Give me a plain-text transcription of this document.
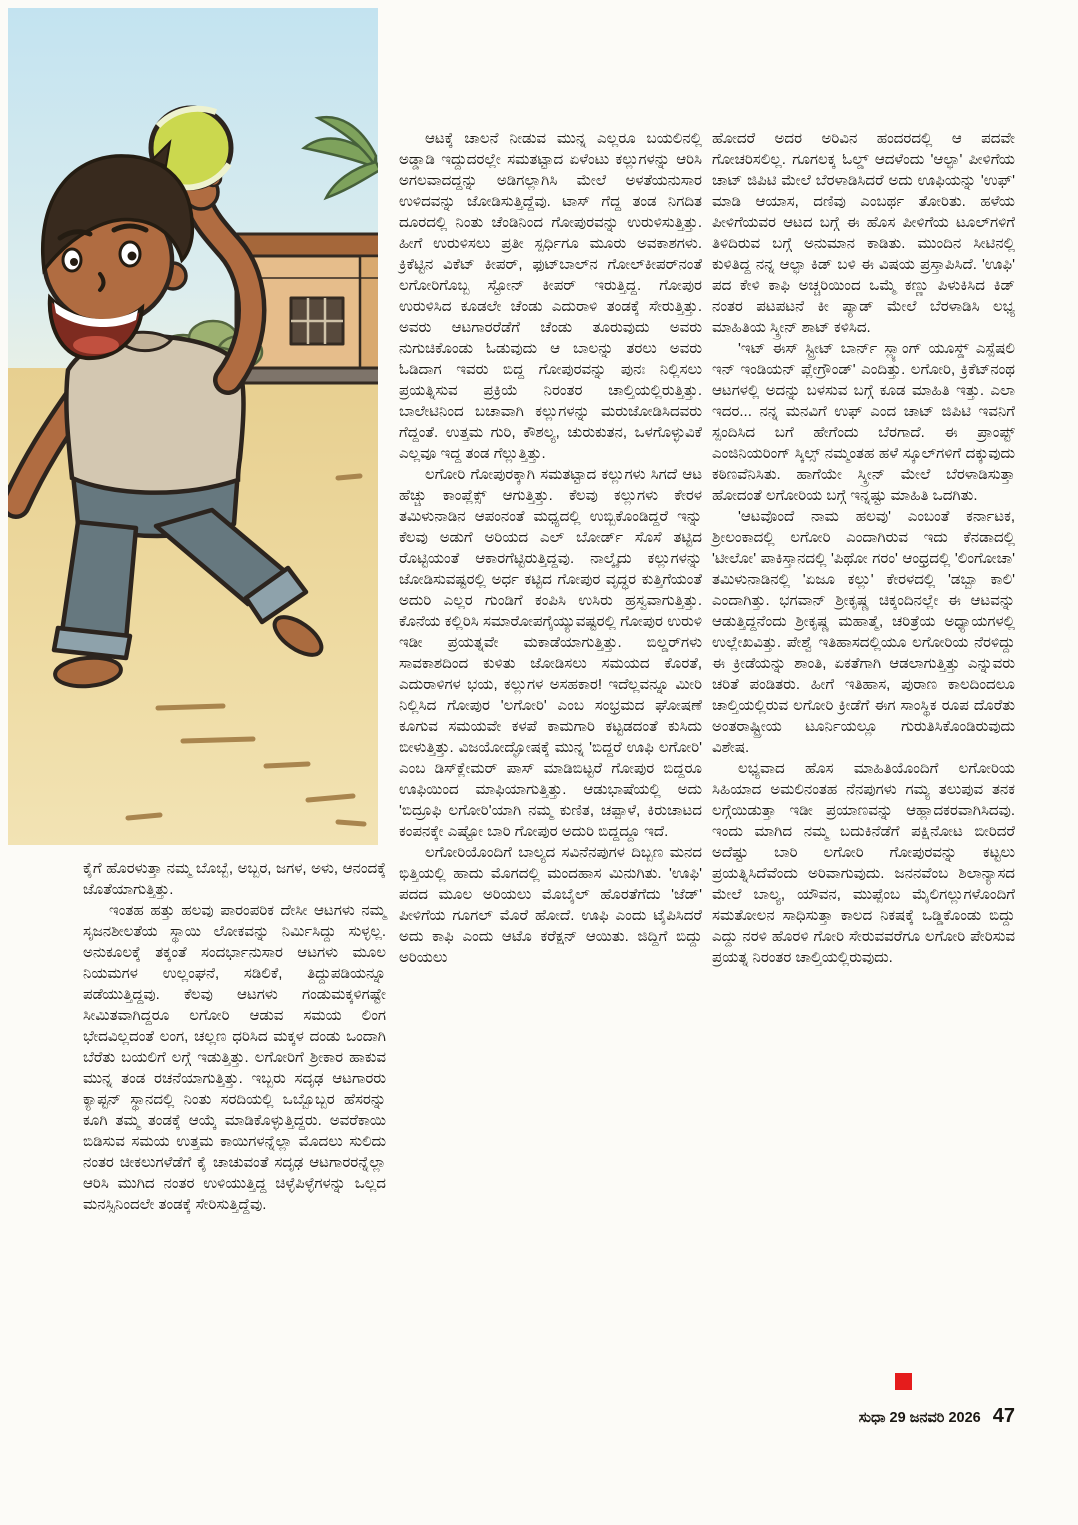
ಕೈಗೆ ಹೊರಳುತ್ತಾ ನಮ್ಮ ಬೊಬ್ಬೆ, ಅಬ್ಬರ, ಜಗಳ, ಅಳು, ಆನಂದಕ್ಕೆ ಜೊತೆಯಾಗುತ್ತಿತ್ತು.

ಇಂತಹ ಹತ್ತು ಹಲವು ಪಾರಂಪರಿಕ ದೇಸೀ ಆಟಗಳು ನಮ್ಮ ಸೃಜನಶೀಲತೆಯ ಸ್ಥಾಯಿ ಲೋಕವನ್ನು ನಿರ್ಮಿಸಿದ್ದು ಸುಳ್ಳಲ್ಲ. ಅನುಕೂಲಕ್ಕೆ ತಕ್ಕಂತೆ ಸಂದರ್ಭಾನುಸಾರ ಆಟಗಳು ಮೂಲ ನಿಯಮಗಳ ಉಲ್ಲಂಘನೆ, ಸಡಿಲಿಕೆ, ತಿದ್ದುಪಡಿಯನ್ನೂ ಪಡೆಯುತ್ತಿದ್ದವು. ಕೆಲವು ಆಟಗಳು ಗಂಡುಮಕ್ಕಳಿಗಷ್ಟೇ ಸೀಮಿತವಾಗಿದ್ದರೂ ಲಗೋರಿ ಆಡುವ ಸಮಯ ಲಿಂಗ ಭೇದವಿಲ್ಲದಂತೆ ಲಂಗ, ಚಲ್ಲಣ ಧರಿಸಿದ ಮಕ್ಕಳ ದಂಡು ಒಂದಾಗಿ ಬೆರೆತು ಬಯಲಿಗೆ ಲಗ್ಗೆ ಇಡುತ್ತಿತ್ತು. ಲಗೋರಿಗೆ ಶ್ರೀಕಾರ ಹಾಕುವ ಮುನ್ನ ತಂಡ ರಚನೆಯಾಗುತ್ತಿತ್ತು. ಇಬ್ಬರು ಸದೃಢ ಆಟಗಾರರು ಕ್ಯಾಪ್ಟನ್ ಸ್ಥಾನದಲ್ಲಿ ನಿಂತು ಸರದಿಯಲ್ಲಿ ಒಬ್ಬೊಬ್ಬರ ಹೆಸರನ್ನು ಕೂಗಿ ತಮ್ಮ ತಂಡಕ್ಕೆ ಆಯ್ಕೆ ಮಾಡಿಕೊಳ್ಳುತ್ತಿದ್ದರು. ಅವರೆಕಾಯಿ ಬಿಡಿಸುವ ಸಮಯ ಉತ್ತಮ ಕಾಯಿಗಳನ್ನೆಲ್ಲಾ ಮೊದಲು ಸುಲಿದು ನಂತರ ಚೀಕಲುಗಳೆಡೆಗೆ ಕೈ ಚಾಚುವಂತೆ ಸದೃಢ ಆಟಗಾರರನ್ನೆಲ್ಲಾ ಆರಿಸಿ ಮುಗಿದ ನಂತರ ಉಳಿಯುತ್ತಿದ್ದ ಚಿಳ್ಳೆಪಿಳ್ಳೆಗಳನ್ನು ಒಲ್ಲದ ಮನಸ್ಸಿನಿಂದಲೇ ತಂಡಕ್ಕೆ ಸೇರಿಸುತ್ತಿದ್ದೆವು.

ಆಟಕ್ಕೆ ಚಾಲನೆ ನೀಡುವ ಮುನ್ನ ಎಲ್ಲರೂ ಬಯಲಿನಲ್ಲಿ ಅಡ್ಡಾಡಿ ಇದ್ದುದರಲ್ಲೇ ಸಮತಟ್ಟಾದ ಏಳೆಂಟು ಕಲ್ಲುಗಳನ್ನು ಆರಿಸಿ ಅಗಲವಾದದ್ದನ್ನು ಅಡಿಗಲ್ಲಾಗಿಸಿ ಮೇಲೆ ಅಳತೆಯನುಸಾರ ಉಳಿದವನ್ನು ಜೋಡಿಸುತ್ತಿದ್ದೆವು. ಟಾಸ್ ಗೆದ್ದ ತಂಡ ನಿಗದಿತ ದೂರದಲ್ಲಿ ನಿಂತು ಚೆಂಡಿನಿಂದ ಗೋಪುರವನ್ನು ಉರುಳಿಸುತ್ತಿತ್ತು. ಹೀಗೆ ಉರುಳಿಸಲು ಪ್ರತೀ ಸ್ಪರ್ಧಿಗೂ ಮೂರು ಅವಕಾಶಗಳು. ಕ್ರಿಕೆಟ್ಟಿನ ವಿಕೆಟ್ ಕೀಪರ್, ಫುಟ್‌ಬಾಲ್‌ನ ಗೋಲ್‌ಕೀಪರ್‌ನಂತೆ ಲಗೋರಿಗೊಬ್ಬ ಸ್ಟೋನ್ ಕೀಪರ್ ಇರುತ್ತಿದ್ದ. ಗೋಪುರ ಉರುಳಿಸಿದ ಕೂಡಲೇ ಚೆಂಡು ಎದುರಾಳಿ ತಂಡಕ್ಕೆ ಸೇರುತ್ತಿತ್ತು. ಅವರು ಆಟಗಾರರೆಡೆಗೆ ಚೆಂಡು ತೂರುವುದು ಅವರು ನುಗುಚಿಕೊಂಡು ಓಡುವುದು ಆ ಬಾಲನ್ನು ತರಲು ಅವರು ಓಡಿದಾಗ ಇವರು ಬಿದ್ದ ಗೋಪುರವನ್ನು ಪುನಃ ನಿಲ್ಲಿಸಲು ಪ್ರಯತ್ನಿಸುವ ಪ್ರಕ್ರಿಯೆ ನಿರಂತರ ಚಾಲ್ತಿಯಲ್ಲಿರುತ್ತಿತ್ತು. ಬಾಲೇಟಿನಿಂದ ಬಚಾವಾಗಿ ಕಲ್ಲುಗಳನ್ನು ಮರುಜೋಡಿಸಿದವರು ಗೆದ್ದಂತೆ. ಉತ್ತಮ ಗುರಿ, ಕೌಶಲ್ಯ, ಚುರುಕುತನ, ಒಳಗೊಳ್ಳುವಿಕೆ ಎಲ್ಲವೂ ಇದ್ದ ತಂಡ ಗೆಲ್ಲುತ್ತಿತ್ತು.

ಲಗೋರಿ ಗೋಪುರಕ್ಕಾಗಿ ಸಮತಟ್ಟಾದ ಕಲ್ಲುಗಳು ಸಿಗದೆ ಆಟ ಹೆಚ್ಚು ಕಾಂಪ್ಲೆಕ್ಸ್ ಆಗುತ್ತಿತ್ತು. ಕೆಲವು ಕಲ್ಲುಗಳು ಕೇರಳ ತಮಿಳುನಾಡಿನ ಆಪಂನಂತೆ ಮಧ್ಯದಲ್ಲಿ ಉಬ್ಬಿಕೊಂಡಿದ್ದರೆ ಇನ್ನು ಕೆಲವು ಅಡುಗೆ ಅರಿಯದ ಎಲ್ ಬೋರ್ಡ್ ಸೊಸೆ ತಟ್ಟಿದ ರೊಟ್ಟಿಯಂತೆ ಆಕಾರಗೆಟ್ಟಿರುತ್ತಿದ್ದವು. ನಾಲ್ಕೈದು ಕಲ್ಲುಗಳನ್ನು ಜೋಡಿಸುವಷ್ಟರಲ್ಲಿ ಅರ್ಧ ಕಟ್ಟಿದ ಗೋಪುರ ವೃದ್ಧರ ಕುತ್ತಿಗೆಯಂತೆ ಅದುರಿ ಎಲ್ಲರ ಗುಂಡಿಗೆ ಕಂಪಿಸಿ ಉಸಿರು ಹ್ರಸ್ವವಾಗುತ್ತಿತ್ತು. ಕೊನೆಯ ಕಲ್ಲಿರಿಸಿ ಸಮಾರೋಪಗೈಯ್ಯುವಷ್ಟರಲ್ಲಿ ಗೋಪುರ ಉರುಳಿ ಇಡೀ ಪ್ರಯತ್ನವೇ ಮಕಾಡೆಯಾಗುತ್ತಿತ್ತು. ಬಿಲ್ಡರ್‌ಗಳು ಸಾವಕಾಶದಿಂದ ಕುಳಿತು ಜೋಡಿಸಲು ಸಮಯದ ಕೊರತೆ, ಎದುರಾಳಿಗಳ ಭಯ, ಕಲ್ಲುಗಳ ಅಸಹಕಾರ! ಇದೆಲ್ಲವನ್ನೂ ಮೀರಿ ನಿಲ್ಲಿಸಿದ ಗೋಪುರ 'ಲಗೋರಿ' ಎಂಬ ಸಂಭ್ರಮದ ಘೋಷಣೆ ಕೂಗುವ ಸಮಯವೇ ಕಳಪೆ ಕಾಮಗಾರಿ ಕಟ್ಟಡದಂತೆ ಕುಸಿದು ಬೀಳುತ್ತಿತ್ತು. ವಿಜಯೋದ್ಘೋಷಕ್ಕೆ ಮುನ್ನ 'ಬಿದ್ದರೆ ಊಫಿ ಲಗೋರಿ' ಎಂಬ ಡಿಸ್‌ಕ್ಲೇಮರ್ ಪಾಸ್ ಮಾಡಿಬಿಟ್ಟರೆ ಗೋಪುರ ಬಿದ್ದರೂ ಊಫಿಯಿಂದ ಮಾಫಿಯಾಗುತ್ತಿತ್ತು. ಆಡುಭಾಷೆಯಲ್ಲಿ ಅದು 'ಬಿದ್ರೂಫಿ ಲಗೋರಿ'ಯಾಗಿ ನಮ್ಮ ಕುಣಿತ, ಚಪ್ಪಾಳೆ, ಕಿರುಚಾಟದ ಕಂಪನಕ್ಕೇ ಎಷ್ಟೋ ಬಾರಿ ಗೋಪುರ ಅದುರಿ ಬಿದ್ದದ್ದೂ ಇದೆ.

ಲಗೋರಿಯೊಂದಿಗೆ ಬಾಲ್ಯದ ಸವಿನೆನಪುಗಳ ದಿಬ್ಬಣ ಮನದ ಭಿತ್ತಿಯಲ್ಲಿ ಹಾದು ಮೊಗದಲ್ಲಿ ಮಂದಹಾಸ ಮಿನುಗಿತು. 'ಊಫಿ' ಪದದ ಮೂಲ ಅರಿಯಲು ಮೊಬೈಲ್ ಹೊರತೆಗೆದು 'ಜೆಡ್' ಪೀಳಿಗೆಯ ಗೂಗಲ್ ಮೊರೆ ಹೋದೆ. ಊಫಿ ಎಂದು ಟೈಪಿಸಿದರೆ ಅದು ಕಾಫಿ ಎಂದು ಆಟೊ ಕರೆಕ್ಷನ್ ಆಯಿತು. ಜಿದ್ದಿಗೆ ಬಿದ್ದು ಅರಿಯಲು

ಹೋದರೆ ಅದರ ಅರಿವಿನ ಹಂದರದಲ್ಲಿ ಆ ಪದವೇ ಗೋಚರಿಸಲಿಲ್ಲ. ಗೂಗಲಕ್ಕ ಓಲ್ಡ್ ಆದಳೆಂದು 'ಆಲ್ಫಾ' ಪೀಳಿಗೆಯ ಚಾಟ್ ಜಿಪಿಟಿ ಮೇಲೆ ಬೆರಳಾಡಿಸಿದರೆ ಅದು ಊಫಿಯನ್ನು 'ಉಫ್' ಮಾಡಿ ಆಯಾಸ, ದಣಿವು ಎಂಬರ್ಥ ತೋರಿತು. ಹಳೆಯ ಪೀಳಿಗೆಯವರ ಆಟದ ಬಗ್ಗೆ ಈ ಹೊಸ ಪೀಳಿಗೆಯ ಟೂಲ್‌ಗಳಿಗೆ ತಿಳಿದಿರುವ ಬಗ್ಗೆ ಅನುಮಾನ ಕಾಡಿತು. ಮುಂದಿನ ಸೀಟಿನಲ್ಲಿ ಕುಳಿತಿದ್ದ ನನ್ನ ಆಲ್ಫಾ ಕಿಡ್ ಬಳಿ ಈ ವಿಷಯ ಪ್ರಸ್ತಾಪಿಸಿದೆ. 'ಊಫಿ' ಪದ ಕೇಳಿ ಕಾಫಿ ಅಚ್ಚರಿಯಿಂದ ಒಮ್ಮೆ ಕಣ್ಣು ಪಿಳುಕಿಸಿದ ಕಿಡ್ ನಂತರ ಪಟಪಟನೆ ಕೀ ಪ್ಯಾಡ್ ಮೇಲೆ ಬೆರಳಾಡಿಸಿ ಲಭ್ಯ ಮಾಹಿತಿಯ ಸ್ಕ್ರೀನ್ ಶಾಟ್ ಕಳಿಸಿದ.

'ಇಟ್ ಈಸ್ ಸ್ಟ್ರೀಟ್ ಬಾರ್ನ್ ಸ್ಲ್ಯಾಂಗ್ ಯೂಸ್ಡ್ ಎಸ್ಪೆಷಲಿ ಇನ್ ಇಂಡಿಯನ್ ಪ್ಲೇಗ್ರೌಂಡ್' ಎಂದಿತ್ತು. ಲಗೋರಿ, ಕ್ರಿಕೆಟ್‌ನಂಥ ಆಟಗಳಲ್ಲಿ ಅದನ್ನು ಬಳಸುವ ಬಗ್ಗೆ ಕೂಡ ಮಾಹಿತಿ ಇತ್ತು. ಎಲಾ ಇದರ... ನನ್ನ ಮನವಿಗೆ ಉಫ್ ಎಂದ ಚಾಟ್ ಜಿಪಿಟಿ ಇವನಿಗೆ ಸ್ಪಂದಿಸಿದ ಬಗೆ ಹೇಗೆಂದು ಬೆರಗಾದೆ. ಈ ಪ್ರಾಂಪ್ಟ್ ಎಂಜಿನಿಯರಿಂಗ್ ಸ್ಕಿಲ್ಸ್ ನಮ್ಮಂತಹ ಹಳೆ ಸ್ಕೂಲ್‌ಗಳಿಗೆ ದಕ್ಕುವುದು ಕಠಿಣವೆನಿಸಿತು. ಹಾಗೆಯೇ ಸ್ಕ್ರೀನ್ ಮೇಲೆ ಬೆರಳಾಡಿಸುತ್ತಾ ಹೋದಂತೆ ಲಗೋರಿಯ ಬಗ್ಗೆ ಇನ್ನಷ್ಟು ಮಾಹಿತಿ ಒದಗಿತು.

'ಆಟವೊಂದೆ ನಾಮ ಹಲವು' ಎಂಬಂತೆ ಕರ್ನಾಟಕ, ಶ್ರೀಲಂಕಾದಲ್ಲಿ ಲಗೋರಿ ಎಂದಾಗಿರುವ ಇದು ಕೆನಡಾದಲ್ಲಿ 'ಟೀಲೋ' ಪಾಕಿಸ್ತಾನದಲ್ಲಿ 'ಪಿಥೋ ಗರಂ' ಆಂಧ್ರದಲ್ಲಿ 'ಲಿಂಗೋಚಾ' ತಮಿಳುನಾಡಿನಲ್ಲಿ 'ಏಜೂ ಕಲ್ಲು' ಕೇರಳದಲ್ಲಿ 'ಡಬ್ಬಾ ಕಾಲಿ' ಎಂದಾಗಿತ್ತು. ಭಗವಾನ್ ಶ್ರೀಕೃಷ್ಣ ಚಿಕ್ಕಂದಿನಲ್ಲೇ ಈ ಆಟವನ್ನು ಆಡುತ್ತಿದ್ದನೆಂದು ಶ್ರೀಕೃಷ್ಣ ಮಹಾತ್ಮೆ, ಚರಿತ್ರೆಯ ಅಧ್ಯಾಯಗಳಲ್ಲಿ ಉಲ್ಲೇಖವಿತ್ತು. ಪೇಶ್ವೆ ಇತಿಹಾಸದಲ್ಲಿಯೂ ಲಗೋರಿಯ ನೆರಳಿದ್ದು ಈ ಕ್ರೀಡೆಯನ್ನು ಶಾಂತಿ, ಏಕತೆಗಾಗಿ ಆಡಲಾಗುತ್ತಿತ್ತು ಎನ್ನುವರು ಚರಿತೆ ಪಂಡಿತರು. ಹೀಗೆ ಇತಿಹಾಸ, ಪುರಾಣ ಕಾಲದಿಂದಲೂ ಚಾಲ್ತಿಯಲ್ಲಿರುವ ಲಗೋರಿ ಕ್ರೀಡೆಗೆ ಈಗ ಸಾಂಸ್ಥಿಕ ರೂಪ ದೊರೆತು ಅಂತರಾಷ್ಟ್ರೀಯ ಟೂರ್ನಿಯಲ್ಲೂ ಗುರುತಿಸಿಕೊಂಡಿರುವುದು ವಿಶೇಷ.

ಲಭ್ಯವಾದ ಹೊಸ ಮಾಹಿತಿಯೊಂದಿಗೆ ಲಗೋರಿಯ ಸಿಹಿಯಾದ ಅಮಲಿನಂತಹ ನೆನಪುಗಳು ಗಮ್ಯ ತಲುಪುವ ತನಕ ಲಗ್ಗೆಯಿಡುತ್ತಾ ಇಡೀ ಪ್ರಯಾಣವನ್ನು ಆಹ್ಲಾದಕರವಾಗಿಸಿದವು. ಇಂದು ಮಾಗಿದ ನಮ್ಮ ಬದುಕಿನೆಡೆಗೆ ಪಕ್ಷಿನೋಟ ಬೀರಿದರೆ ಅದೆಷ್ಟು ಬಾರಿ ಲಗೋರಿ ಗೋಪುರವನ್ನು ಕಟ್ಟಲು ಪ್ರಯತ್ನಿಸಿದೆವೆಂದು ಅರಿವಾಗುವುದು. ಜನನವೆಂಬ ಶಿಲಾನ್ಯಾಸದ ಮೇಲೆ ಬಾಲ್ಯ, ಯೌವನ, ಮುಪ್ಪೆಂಬ ಮೈಲಿಗಲ್ಲುಗಳೊಂದಿಗೆ ಸಮತೋಲನ ಸಾಧಿಸುತ್ತಾ ಕಾಲದ ನಿಕಷಕ್ಕೆ ಒಡ್ಡಿಕೊಂಡು ಬಿದ್ದು ಎದ್ದು ನರಳಿ ಹೊರಳಿ ಗೋರಿ ಸೇರುವವರೆಗೂ ಲಗೋರಿ ಪೇರಿಸುವ ಪ್ರಯತ್ನ ನಿರಂತರ ಚಾಲ್ತಿಯಲ್ಲಿರುವುದು.

ಸುಧಾ 29 ಜನವರಿ 2026 47
